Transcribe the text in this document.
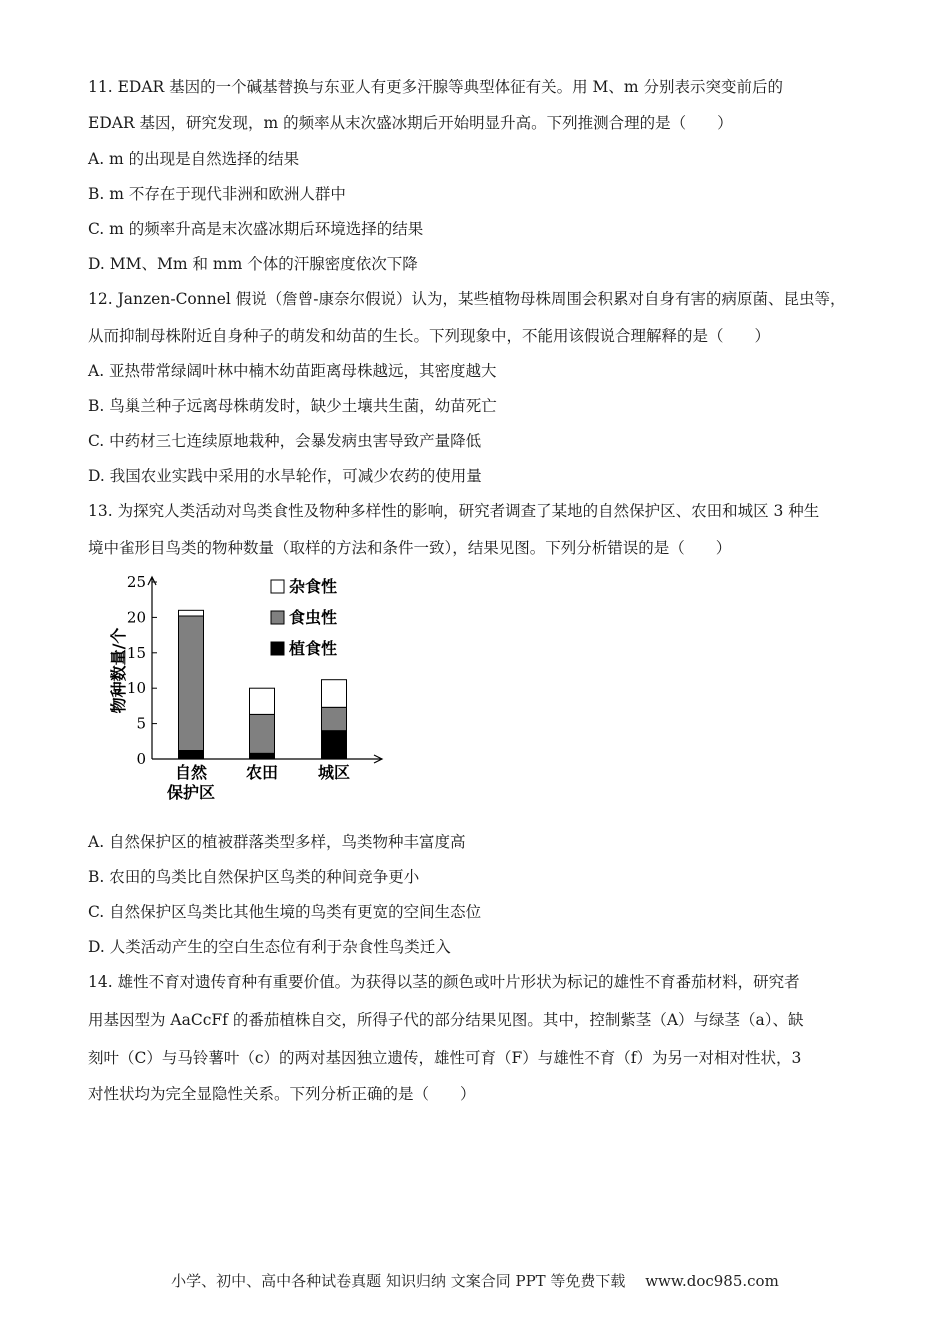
11. EDAR 基因的一个碱基替换与东亚人有更多汗腺等典型体征有关。用 M、m 分别表示突变前后的
EDAR 基因，研究发现，m 的频率从末次盛冰期后开始明显升高。下列推测合理的是（　　）
A. m 的出现是自然选择的结果
B. m 不存在于现代非洲和欧洲人群中
C. m 的频率升高是末次盛冰期后环境选择的结果
D. MM、Mm 和 mm 个体的汗腺密度依次下降
12. Janzen-Connel 假说（詹曾-康奈尔假说）认为，某些植物母株周围会积累对自身有害的病原菌、昆虫等，
从而抑制母株附近自身种子的萌发和幼苗的生长。下列现象中，不能用该假说合理解释的是（　　）
A. 亚热带常绿阔叶林中楠木幼苗距离母株越远，其密度越大
B. 鸟巢兰种子远离母株萌发时，缺少土壤共生菌，幼苗死亡
C. 中药材三七连续原地栽种，会暴发病虫害导致产量降低
D. 我国农业实践中采用的水旱轮作，可减少农药的使用量
13. 为探究人类活动对鸟类食性及物种多样性的影响，研究者调查了某地的自然保护区、农田和城区 3 种生
境中雀形目鸟类的物种数量（取样的方法和条件一致），结果见图。下列分析错误的是（　　）
0
5
10
15
20
25
物种数量/个
自然
保护区
农田 城区
杂食性
食虫性
植食性
A. 自然保护区的植被群落类型多样，鸟类物种丰富度高
B. 农田的鸟类比自然保护区鸟类的种间竞争更小
C. 自然保护区鸟类比其他生境的鸟类有更宽的空间生态位
D. 人类活动产生的空白生态位有利于杂食性鸟类迁入
14. 雄性不育对遗传育种有重要价值。为获得以茎的颜色或叶片形状为标记的雄性不育番茄材料，研究者
用基因型为 AaCcFf 的番茄植株自交，所得子代的部分结果见图。其中，控制紫茎（A）与绿茎（a）、缺
刻叶（C）与马铃薯叶（c）的两对基因独立遗传，雄性可育（F）与雄性不育（f）为另一对相对性状，3
对性状均为完全显隐性关系。下列分析正确的是（　　）
小学、初中、高中各种试卷真题 知识归纳 文案合同 PPT 等免费下载　 www.doc985.com
